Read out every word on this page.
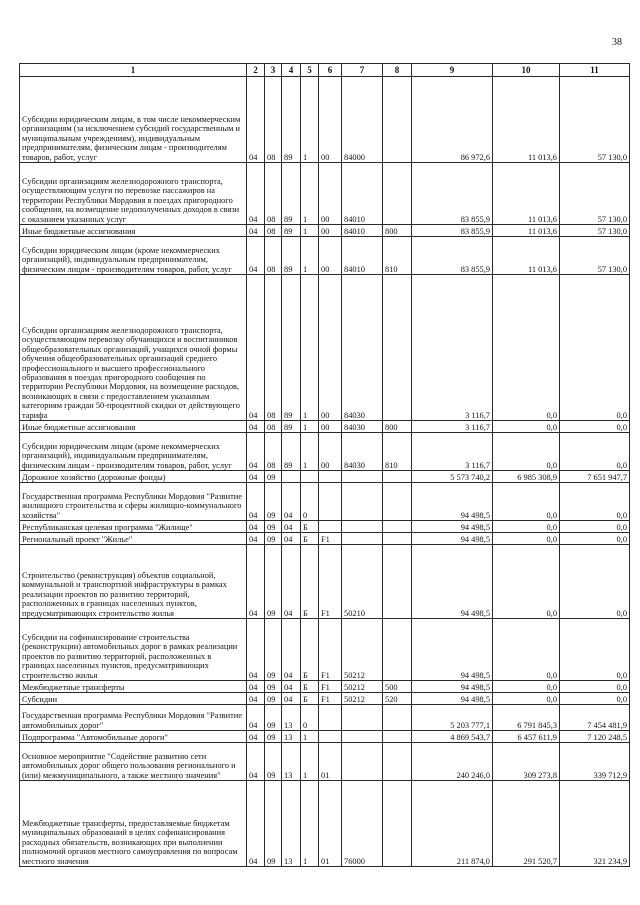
38
1	2	3	4	5	6	7	8	9	10	11
Субсидии юридическим лицам, в том числе некоммерческим организациям (за исключением субсидий государственным и муниципальным учреждениям), индивидуальным предпринимателям, физическим лицам - производителям товаров, работ, услуг	04	08	89	1	00	84000		86 972,6	11 013,6	57 130,0
Субсидии организациям железнодорожного транспорта, осуществляющим услуги по перевозке пассажиров на территории Республики Мордовия в поездах пригородного сообщения, на возмещение недополученных доходов в связи с оказанием указанных услуг	04	08	89	1	00	84010		83 855,9	11 013,6	57 130,0
Иные бюджетные ассигнования	04	08	89	1	00	84010	800	83 855,9	11 013,6	57 130,0
Субсидии юридическим лицам (кроме некоммерческих организаций), индивидуальным предпринимателям, физическим лицам - производителям товаров, работ, услуг	04	08	89	1	00	84010	810	83 855,9	11 013,6	57 130,0
Субсидии организациям железнодорожного транспорта, осуществляющим перевозку обучающихся и воспитанников общеобразовательных организаций, учащихся очной формы обучения общеобразовательных организаций среднего профессионального и высшего профессионального образования в поездах пригородного сообщения по территории Республики Мордовия, на возмещение расходов, возникающих в связи с предоставлением указанным категориям граждан 50-процентной скидки от действующего тарифа	04	08	89	1	00	84030		3 116,7	0,0	0,0
Иные бюджетные ассигнования	04	08	89	1	00	84030	800	3 116,7	0,0	0,0
Субсидии юридическим лицам (кроме некоммерческих организаций), индивидуальным предпринимателям, физическим лицам - производителям товаров, работ, услуг	04	08	89	1	00	84030	810	3 116,7	0,0	0,0
Дорожное хозяйство (дорожные фонды)	04	09						5 573 740,2	6 985 308,9	7 651 947,7
Государственная программа Республики Мордовия "Развитие жилищного строительства и сферы жилищно-коммунального хозяйства"	04	09	04	0				94 498,5	0,0	0,0
Республиканская целевая программа "Жилище"	04	09	04	Б				94 498,5	0,0	0,0
Региональный проект "Жилье"	04	09	04	Б	F1			94 498,5	0,0	0,0
Строительство (реконструкция) объектов социальной, коммунальной и транспортной инфраструктуры в рамках реализации проектов по развитию территорий, расположенных в границах населенных пунктов, предусматривающих строительство жилья	04	09	04	Б	F1	50210		94 498,5	0,0	0,0
Субсидии на софинансирование строительства (реконструкции) автомобильных дорог в рамках реализации проектов по развитию территорий, расположенных в границах населенных пунктов, предусматривающих строительство жилья	04	09	04	Б	F1	50212		94 498,5	0,0	0,0
Межбюджетные трансферты	04	09	04	Б	F1	50212	500	94 498,5	0,0	0,0
Субсидии	04	09	04	Б	F1	50212	520	94 498,5	0,0	0,0
Государственная программа Республики Мордовия "Развитие автомобильных дорог"	04	09	13	0				5 203 777,1	6 791 845,3	7 454 481,9
Подпрограмма "Автомобильные дороги"	04	09	13	1				4 869 543,7	6 457 611,9	7 120 248,5
Основное мероприятие "Содействие развитию сети автомобильных дорог общего пользования регионального и (или) межмуниципального, а также местного значения"	04	09	13	1	01			240 246,0	309 273,8	339 712,9
Межбюджетные трансферты, предоставляемые бюджетам муниципальных образований в целях софинансирования расходных обязательств, возникающих при выполнении полномочий органов местного самоуправления по вопросам местного значения	04	09	13	1	01	76000		211 874,0	291 520,7	321 234,9
